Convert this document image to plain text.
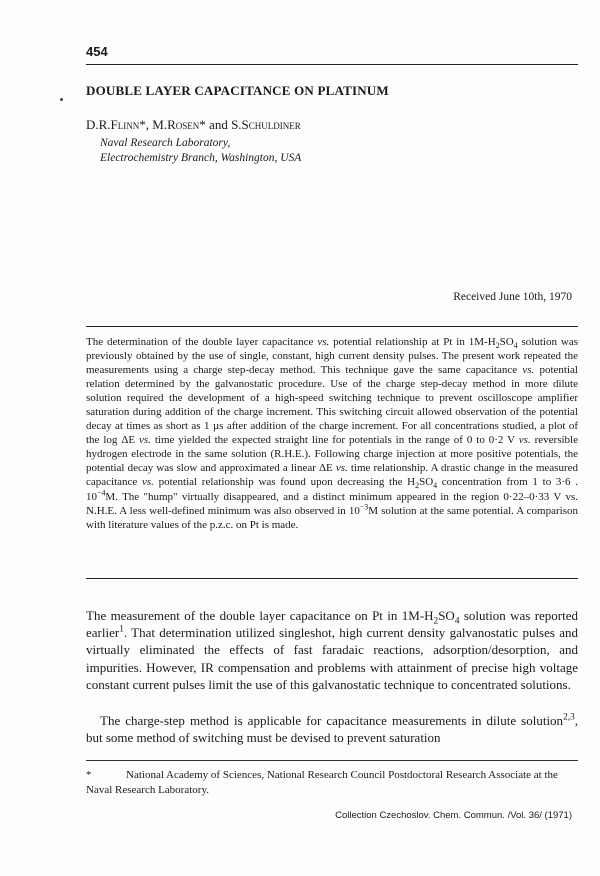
454
DOUBLE LAYER CAPACITANCE ON PLATINUM
D.R.Flinn*, M.Rosen* and S.Schuldiner
Naval Research Laboratory,
Electrochemistry Branch, Washington, USA
Received June 10th, 1970

The determination of the double layer capacitance vs. potential relationship at Pt in $1M-H_2SO_4$ solution was previously obtained by the use of single, constant, high current density pulses. The present work repeated the measurements using a charge step-decay method. This technique gave the same capacitance vs. potential relation determined by the galvanostatic procedure. Use of the charge step-decay method in more dilute solution required the development of a high-speed switching technique to prevent oscilloscope amplifier saturation during addition of the charge increment. This switching circuit allowed observation of the potential decay at times as short as 1 µs after addition of the charge increment. For all concentrations studied, a plot of the log ΔE vs. time yielded the expected straight line for potentials in the range of 0 to 0·2 V vs. reversible hydrogen electrode in the same solution (R.H.E.). Following charge injection at more positive potentials, the potential decay was slow and approximated a linear ΔE vs. time relationship. A drastic change in the measured capacitance vs. potential relationship was found upon decreasing the $H_2SO_4$ concentration from 1 to 3·6 . $10^{-4}M$. The "hump" virtually disappeared, and a distinct minimum appeared in the region 0·22–0·33 V vs. N.H.E. A less well-defined minimum was also observed in $10^{-3}M$ solution at the same potential. A comparison with literature values of the p.z.c. on Pt is made.

The measurement of the double layer capacitance on Pt in $1M-H_2SO_4$ solution was reported earlier$^1$. That determination utilized singleshot, high current density galvanostatic pulses and virtually eliminated the effects of fast faradaic reactions, adsorption/desorption, and impurities. However, IR compensation and problems with attainment of precise high voltage constant current pulses limit the use of this galvanostatic technique to concentrated solutions.

The charge-step method is applicable for capacitance measurements in dilute solution$^{2,3}$, but some method of switching must be devised to prevent saturation

*	National Academy of Sciences, National Research Council Postdoctoral Research Associate at the Naval Research Laboratory.

Collection Czechoslov. Chem. Commun. /Vol. 36/ (1971)
